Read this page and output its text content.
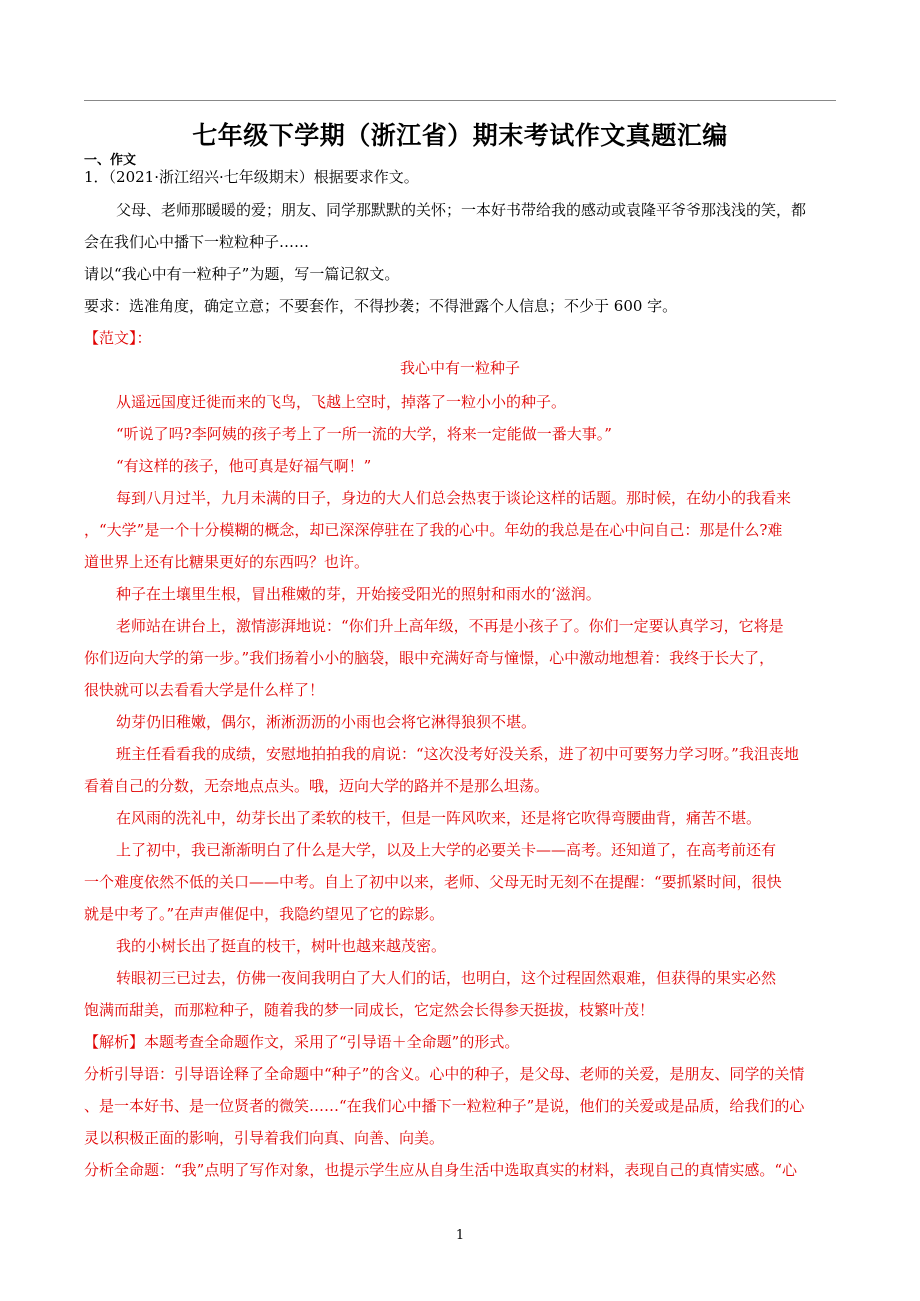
七年级下学期（浙江省）期末考试作文真题汇编
一、作文
1．（2021·浙江绍兴·七年级期末）根据要求作文。
父母、老师那暖暖的爱；朋友、同学那默默的关怀；一本好书带给我的感动或袁隆平爷爷那浅浅的笑，都
会在我们心中播下一粒粒种子……
请以“我心中有一粒种子”为题，写一篇记叙文。
要求：选准角度，确定立意；不要套作，不得抄袭；不得泄露个人信息；不少于 600 字。
【范文】：
我心中有一粒种子
从遥远国度迁徙而来的飞鸟，飞越上空时，掉落了一粒小小的种子。
“听说了吗?李阿姨的孩子考上了一所一流的大学，将来一定能做一番大事。”
“有这样的孩子，他可真是好福气啊！”
每到八月过半，九月未满的日子，身边的大人们总会热衷于谈论这样的话题。那时候，在幼小的我看来
，“大学”是一个十分模糊的概念，却已深深停驻在了我的心中。年幼的我总是在心中问自己：那是什么?难
道世界上还有比糖果更好的东西吗？也许。
种子在土壤里生根，冒出稚嫩的芽，开始接受阳光的照射和雨水的‘滋润。
老师站在讲台上，激情澎湃地说：“你们升上高年级，不再是小孩子了。你们一定要认真学习，它将是
你们迈向大学的第一步。”我们扬着小小的脑袋，眼中充满好奇与憧憬，心中激动地想着：我终于长大了，
很快就可以去看看大学是什么样了！
幼芽仍旧稚嫩，偶尔，淅淅沥沥的小雨也会将它淋得狼狈不堪。
班主任看看我的成绩，安慰地拍拍我的肩说：“这次没考好没关系，进了初中可要努力学习呀。”我沮丧地
看着自己的分数，无奈地点点头。哦，迈向大学的路并不是那么坦荡。
在风雨的洗礼中，幼芽长出了柔软的枝干，但是一阵风吹来，还是将它吹得弯腰曲背，痛苦不堪。
上了初中，我已渐渐明白了什么是大学，以及上大学的必要关卡——高考。还知道了，在高考前还有
一个难度依然不低的关口——中考。自上了初中以来，老师、父母无时无刻不在提醒：“要抓紧时间，很快
就是中考了。”在声声催促中，我隐约望见了它的踪影。
我的小树长出了挺直的枝干，树叶也越来越茂密。
转眼初三已过去，仿佛一夜间我明白了大人们的话，也明白，这个过程固然艰难，但获得的果实必然
饱满而甜美，而那粒种子，随着我的梦一同成长，它定然会长得参天挺拔，枝繁叶茂！
【解析】本题考查全命题作文，采用了“引导语＋全命题”的形式。
分析引导语：引导语诠释了全命题中“种子”的含义。心中的种子，是父母、老师的关爱，是朋友、同学的关情
、是一本好书、是一位贤者的微笑……“在我们心中播下一粒粒种子”是说，他们的关爱或是品质，给我们的心
灵以积极正面的影响，引导着我们向真、向善、向美。
分析全命题：“我”点明了写作对象，也提示学生应从自身生活中选取真实的材料，表现自己的真情实感。“心
1
